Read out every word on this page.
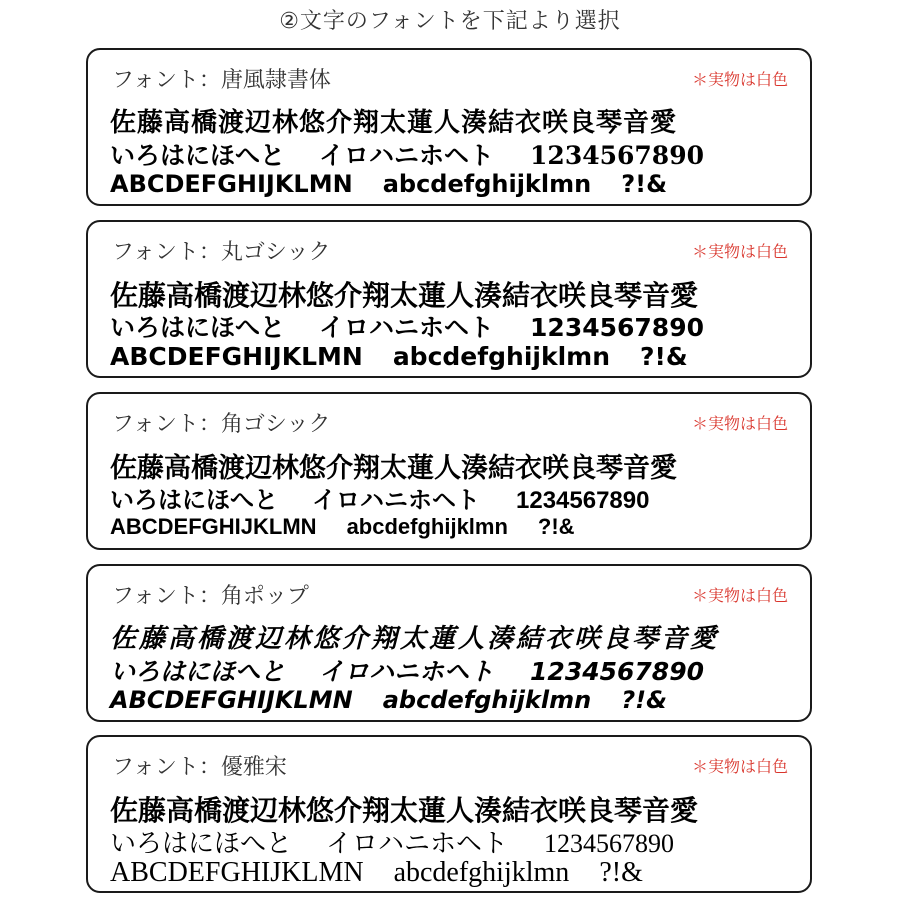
②文字のフォントを下記より選択
フォント：唐風隷書体	＊実物は白色
佐藤高橋渡辺林悠介翔太蓮人湊結衣咲良琴音愛
いろはにほへと イロハニホヘト 1234567890
ABCDEFGHIJKLMN abcdefghijklmn ?!&
フォント：丸ゴシック	＊実物は白色
佐藤高橋渡辺林悠介翔太蓮人湊結衣咲良琴音愛
いろはにほへと イロハニホヘト 1234567890
ABCDEFGHIJKLMN abcdefghijklmn ?!&
フォント：角ゴシック	＊実物は白色
佐藤高橋渡辺林悠介翔太蓮人湊結衣咲良琴音愛
いろはにほへと イロハニホヘト 1234567890
ABCDEFGHIJKLMN abcdefghijklmn ?!&
フォント：角ポップ	＊実物は白色
佐藤高橋渡辺林悠介翔太蓮人湊結衣咲良琴音愛
いろはにほへと イロハニホヘト 1234567890
ABCDEFGHIJKLMN abcdefghijklmn ?!&
フォント：優雅宋	＊実物は白色
佐藤高橋渡辺林悠介翔太蓮人湊結衣咲良琴音愛
いろはにほへと イロハニホヘト 1234567890
ABCDEFGHIJKLMN abcdefghijklmn ?!&
